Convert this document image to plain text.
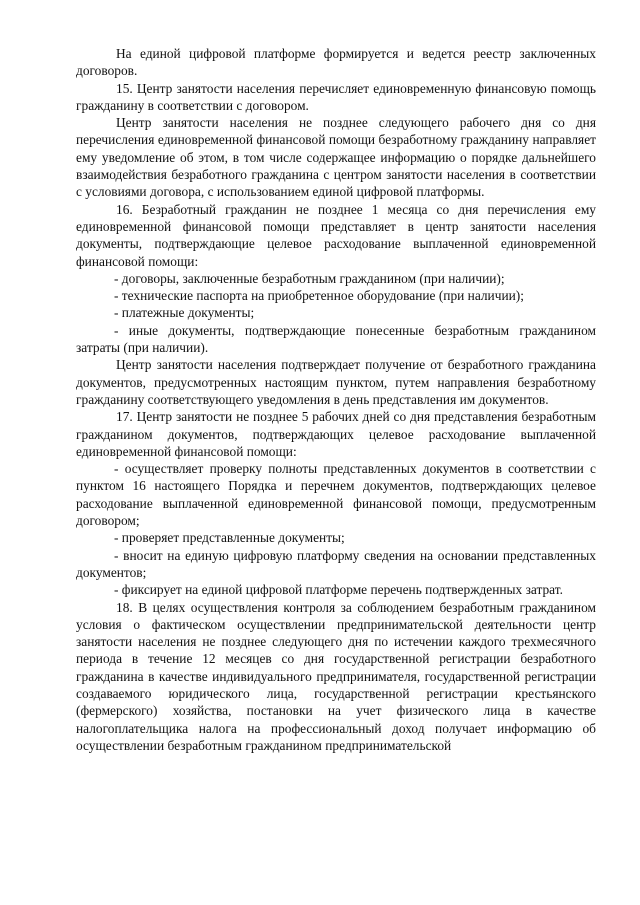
На единой цифровой платформе формируется и ведется реестр заключенных договоров.

15. Центр занятости населения перечисляет единовременную финансовую помощь гражданину в соответствии с договором.

Центр занятости населения не позднее следующего рабочего дня со дня перечисления единовременной финансовой помощи безработному гражданину направляет ему уведомление об этом, в том числе содержащее информацию о порядке дальнейшего взаимодействия безработного гражданина с центром занятости населения в соответствии с условиями договора, с использованием единой цифровой платформы.

16. Безработный гражданин не позднее 1 месяца со дня перечисления ему единовременной финансовой помощи представляет в центр занятости населения документы, подтверждающие целевое расходование выплаченной единовременной финансовой помощи:

- договоры, заключенные безработным гражданином (при наличии);

- технические паспорта на приобретенное оборудование (при наличии);

- платежные документы;

- иные документы, подтверждающие понесенные безработным гражданином затраты (при наличии).

Центр занятости населения подтверждает получение от безработного гражданина документов, предусмотренных настоящим пунктом, путем направления безработному гражданину соответствующего уведомления в день представления им документов.

17. Центр занятости не позднее 5 рабочих дней со дня представления безработным гражданином документов, подтверждающих целевое расходование выплаченной единовременной финансовой помощи:

- осуществляет проверку полноты представленных документов в соответствии с пунктом 16 настоящего Порядка и перечнем документов, подтверждающих целевое расходование выплаченной единовременной финансовой помощи, предусмотренным договором;

- проверяет представленные документы;

- вносит на единую цифровую платформу сведения на основании представленных документов;

- фиксирует на единой цифровой платформе перечень подтвержденных затрат.

18. В целях осуществления контроля за соблюдением безработным гражданином условия о фактическом осуществлении предпринимательской деятельности центр занятости населения не позднее следующего дня по истечении каждого трехмесячного периода в течение 12 месяцев со дня государственной регистрации безработного гражданина в качестве индивидуального предпринимателя, государственной регистрации создаваемого юридического лица, государственной регистрации крестьянского (фермерского) хозяйства, постановки на учет физического лица в качестве налогоплательщика налога на профессиональный доход получает информацию об осуществлении безработным гражданином предпринимательской
